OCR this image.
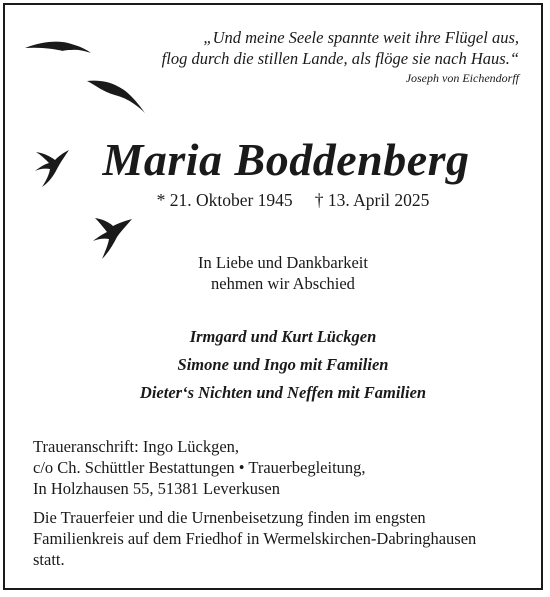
„Und meine Seele spannte weit ihre Flügel aus,
flog durch die stillen Lande, als flöge sie nach Haus.“
Joseph von Eichendorff
Maria Boddenberg
* 21. Oktober 1945 † 13. April 2025
In Liebe und Dankbarkeit
nehmen wir Abschied
Irmgard und Kurt Lückgen
Simone und Ingo mit Familien
Dieter‘s Nichten und Neffen mit Familien
Traueranschrift: Ingo Lückgen,
c/o Ch. Schüttler Bestattungen • Trauerbegleitung,
In Holzhausen 55, 51381 Leverkusen
Die Trauerfeier und die Urnenbeisetzung finden im engsten
Familienkreis auf dem Friedhof in Wermelskirchen-Dabringhausen
statt.
